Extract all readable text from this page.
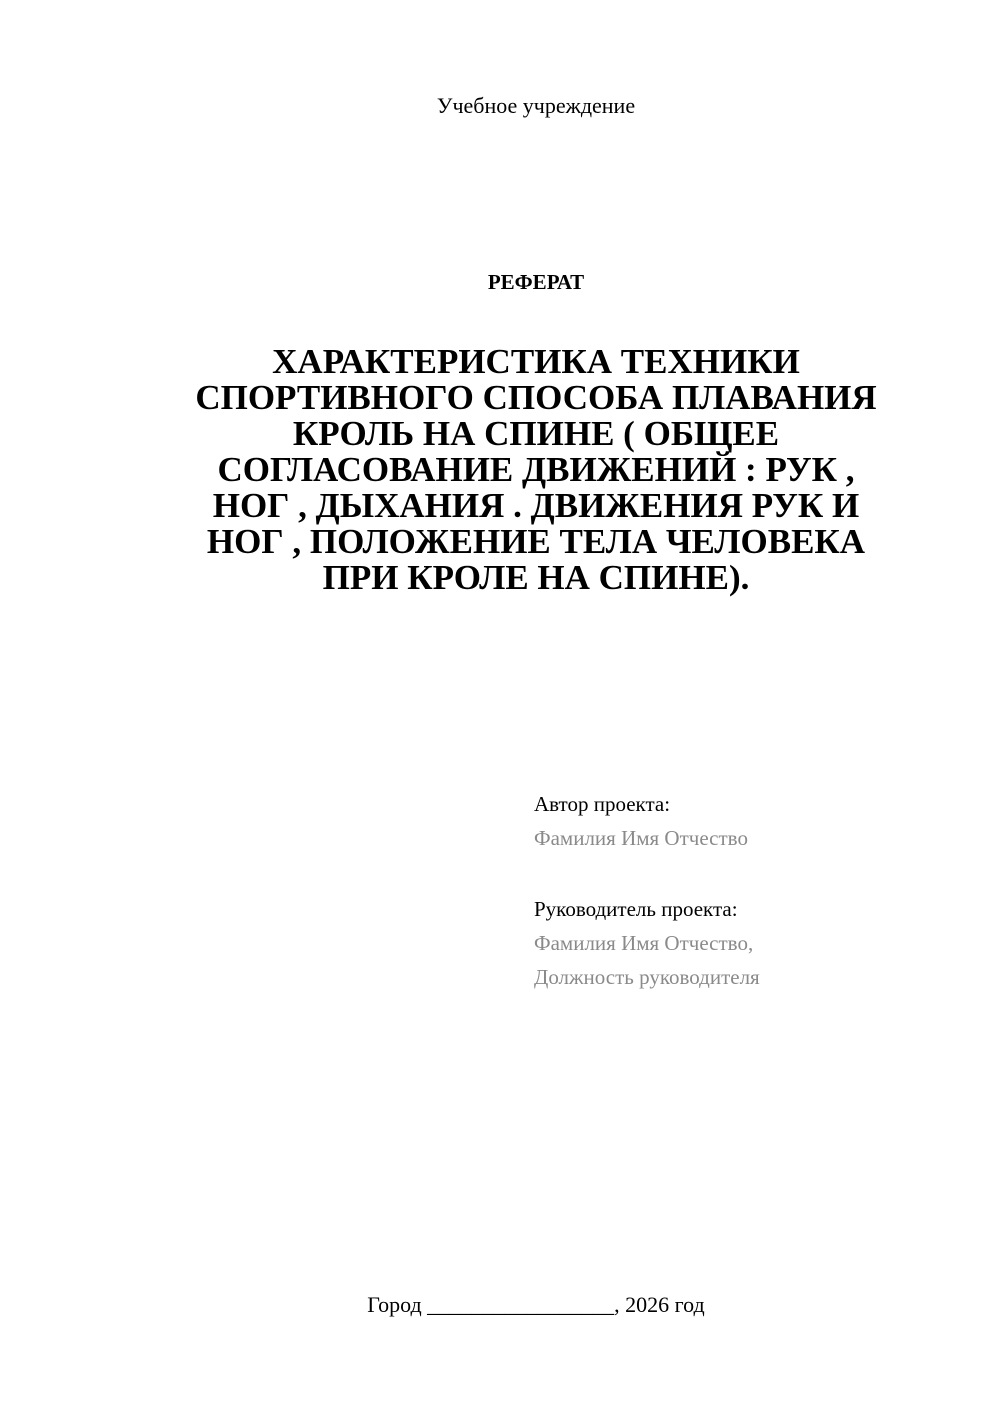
Учебное учреждение
РЕФЕРАТ
ХАРАКТЕРИСТИКА ТЕХНИКИ
СПОРТИВНОГО СПОСОБА ПЛАВАНИЯ
КРОЛЬ НА СПИНЕ ( ОБЩЕЕ
СОГЛАСОВАНИЕ ДВИЖЕНИЙ : РУК ,
НОГ , ДЫХАНИЯ . ДВИЖЕНИЯ РУК И
НОГ , ПОЛОЖЕНИЕ ТЕЛА ЧЕЛОВЕКА
ПРИ КРОЛЕ НА СПИНЕ).
Автор проекта:
Фамилия Имя Отчество
Руководитель проекта:
Фамилия Имя Отчество,
Должность руководителя
Город _________________, 2026 год
